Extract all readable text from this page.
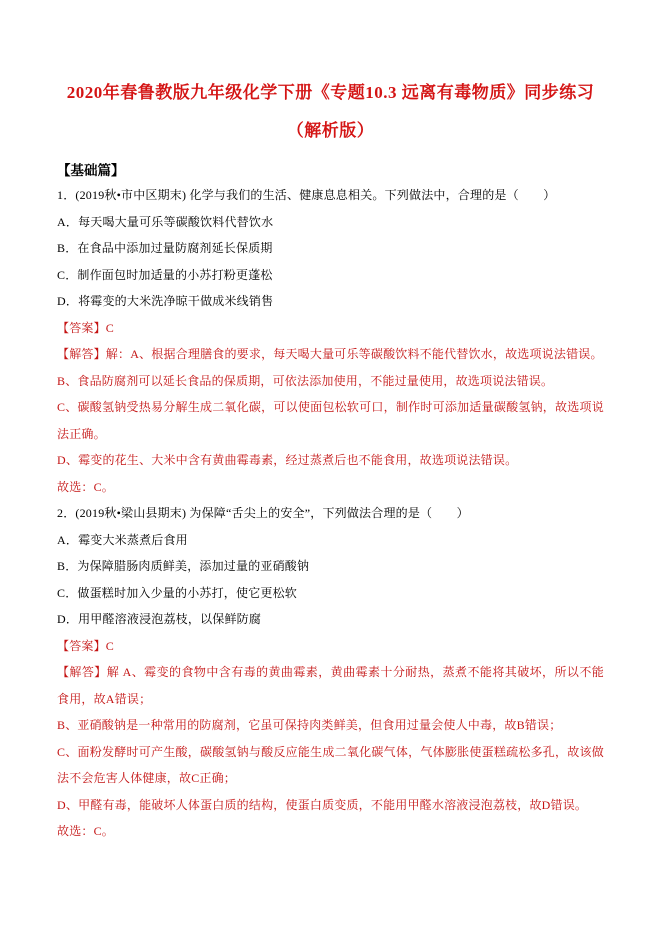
2020年春鲁教版九年级化学下册《专题10.3 远离有毒物质》同步练习
（解析版）
【基础篇】

1．(2019秋•市中区期末) 化学与我们的生活、健康息息相关。下列做法中，合理的是（　　）

A．每天喝大量可乐等碳酸饮料代替饮水

B．在食品中添加过量防腐剂延长保质期

C．制作面包时加适量的小苏打粉更蓬松

D．将霉变的大米洗净晾干做成米线销售

【答案】C

【解答】解：A、根据合理膳食的要求，每天喝大量可乐等碳酸饮料不能代替饮水，故选项说法错误。

B、食品防腐剂可以延长食品的保质期，可依法添加使用，不能过量使用，故选项说法错误。

C、碳酸氢钠受热易分解生成二氧化碳，可以使面包松软可口，制作时可添加适量碳酸氢钠，故选项说法正确。

D、霉变的花生、大米中含有黄曲霉毒素，经过蒸煮后也不能食用，故选项说法错误。

故选：C。

2．(2019秋•梁山县期末) 为保障“舌尖上的安全”，下列做法合理的是（　　）

A．霉变大米蒸煮后食用

B．为保障腊肠肉质鲜美，添加过量的亚硝酸钠

C．做蛋糕时加入少量的小苏打，使它更松软

D．用甲醛溶液浸泡荔枝，以保鲜防腐

【答案】C

【解答】解 A、霉变的食物中含有毒的黄曲霉素，黄曲霉素十分耐热，蒸煮不能将其破坏，所以不能食用，故A错误；

B、亚硝酸钠是一种常用的防腐剂，它虽可保持肉类鲜美，但食用过量会使人中毒，故B错误；

C、面粉发酵时可产生酸，碳酸氢钠与酸反应能生成二氧化碳气体，气体膨胀使蛋糕疏松多孔，故该做法不会危害人体健康，故C正确；

D、甲醛有毒，能破坏人体蛋白质的结构，使蛋白质变质，不能用甲醛水溶液浸泡荔枝，故D错误。

故选：C。
